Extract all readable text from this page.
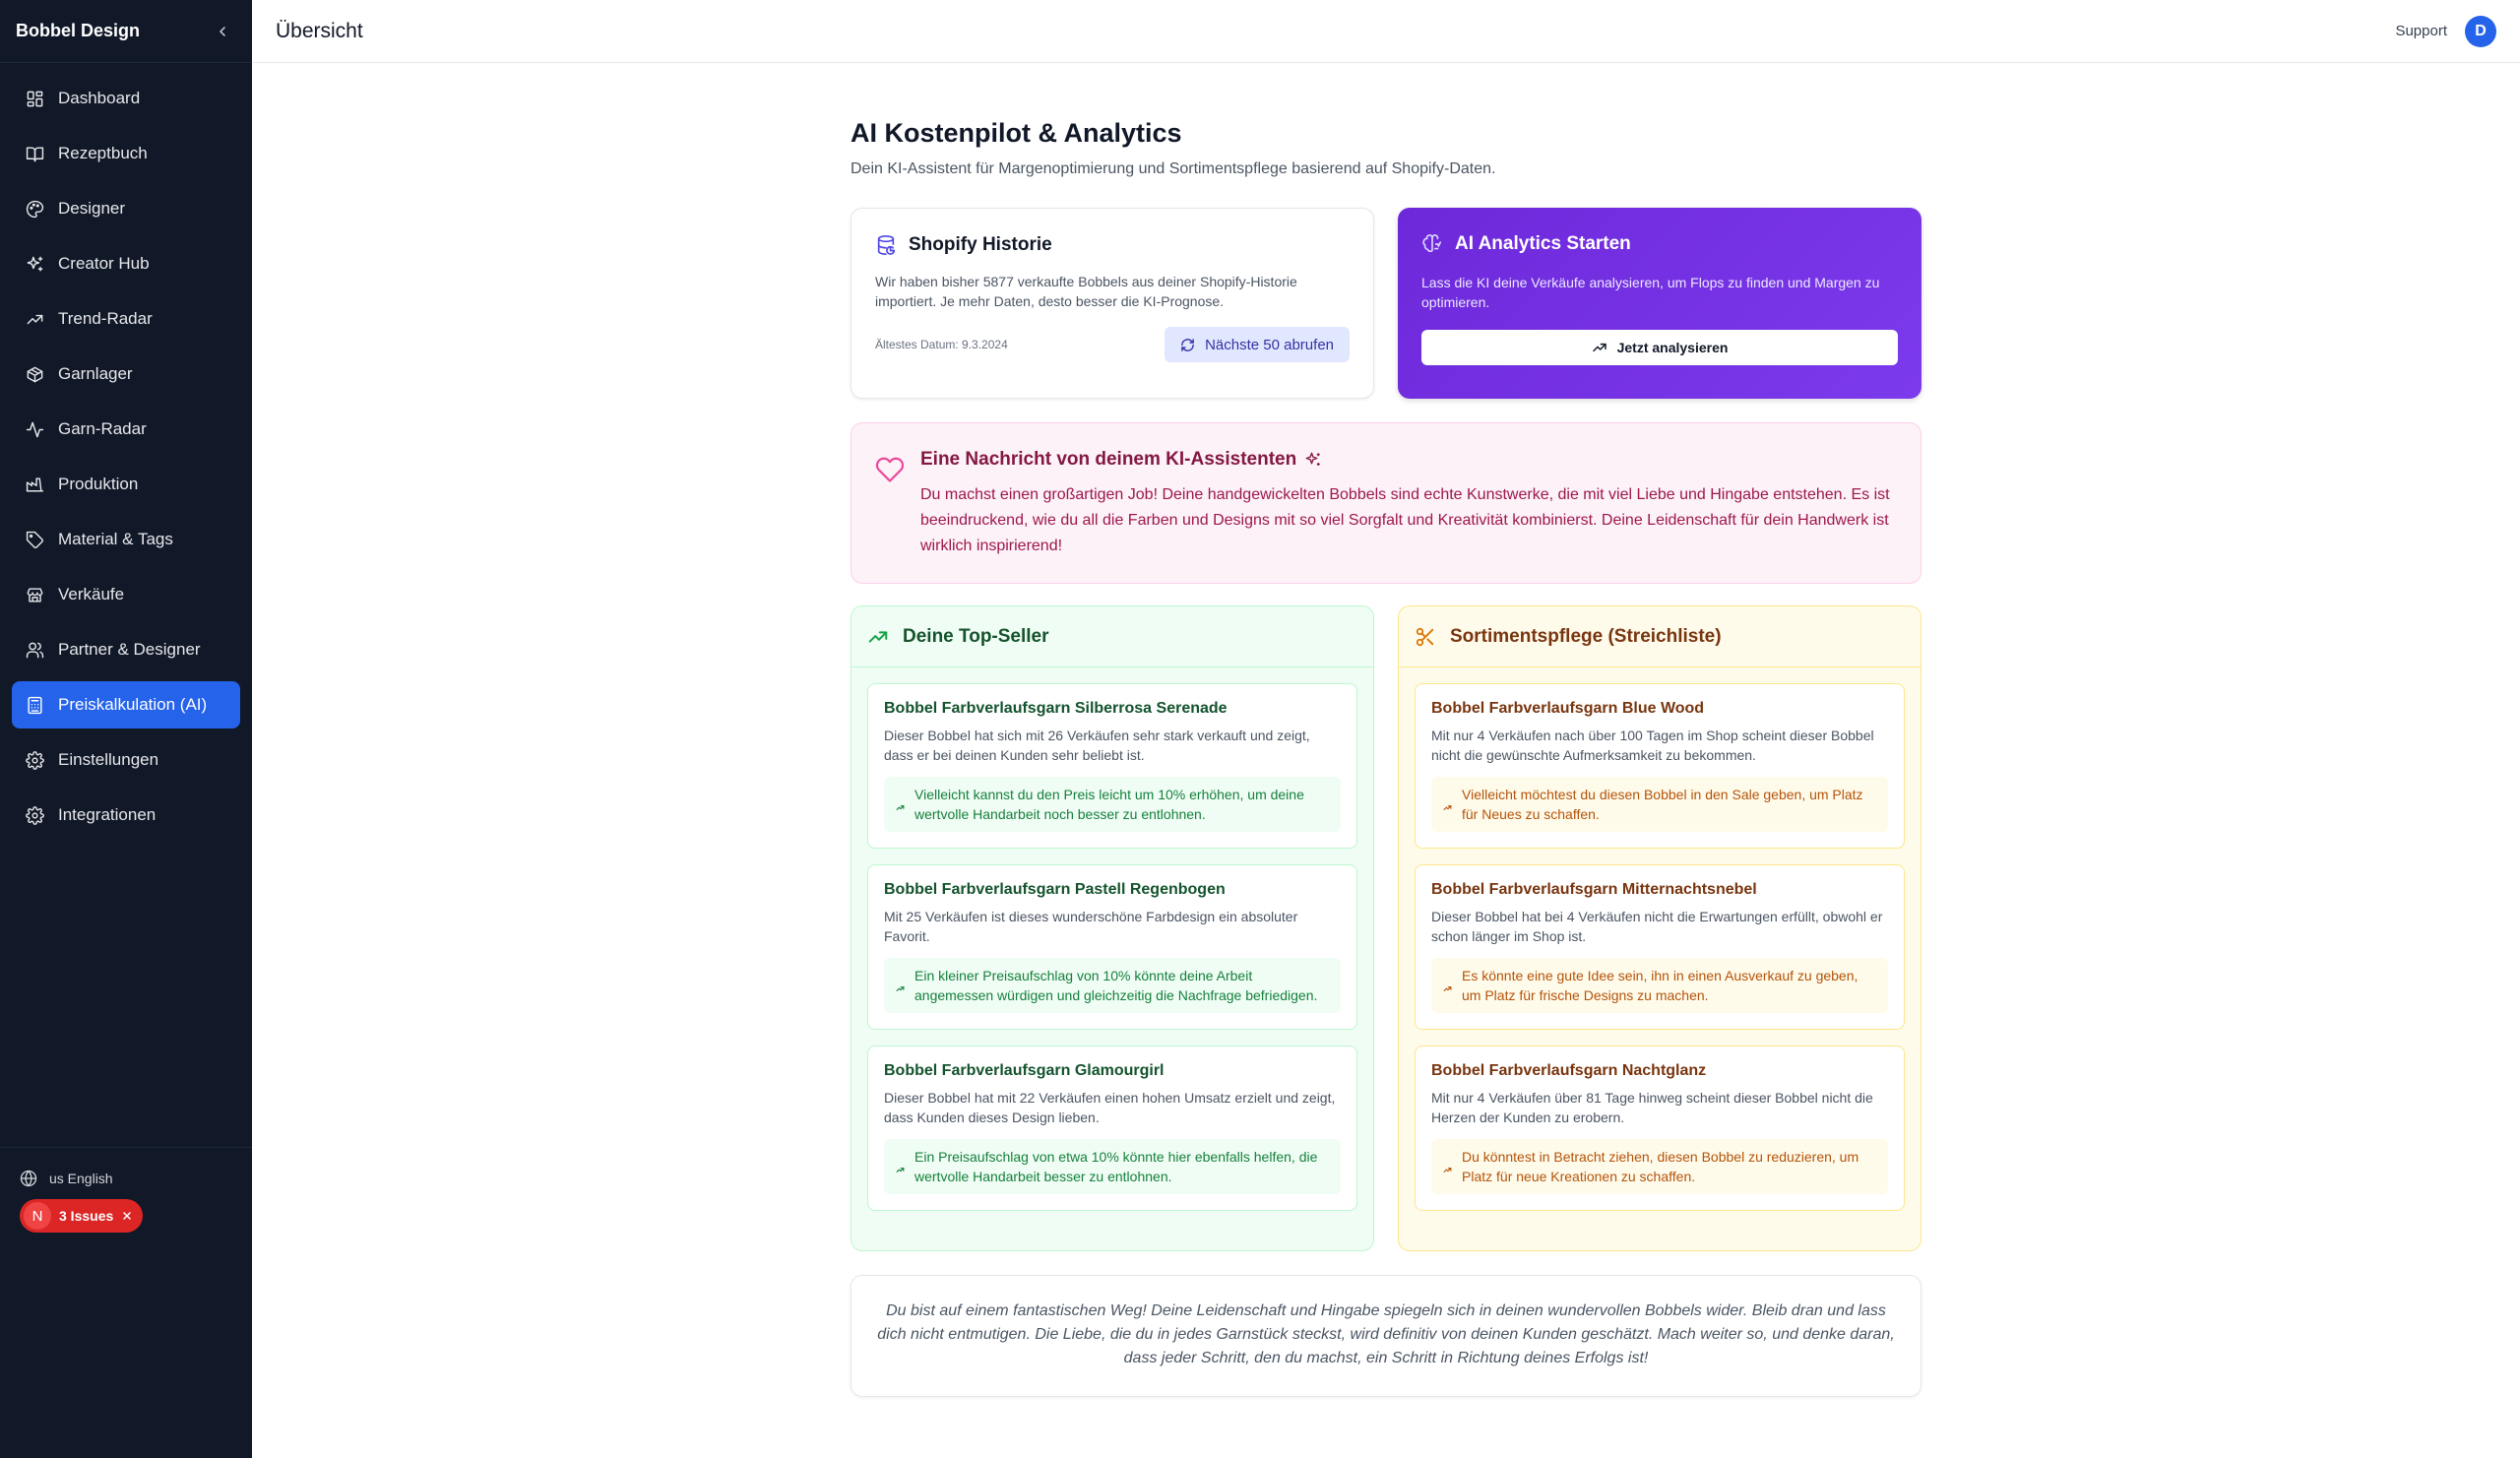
Bobbel Design
Dashboard
Rezeptbuch
Designer
Creator Hub
Trend-Radar
Garnlager
Garn-Radar
Produktion
Material & Tags
Verkäufe
Partner & Designer
Preiskalkulation (AI)
Einstellungen
Integrationen
us English
N	3 Issues
Übersicht	Support	D
AI Kostenpilot & Analytics

Dein KI-Assistent für Margenoptimierung und Sortimentspflege basierend auf Shopify-Daten.

Shopify Historie

Wir haben bisher 5877 verkaufte Bobbels aus deiner Shopify-Historie importiert. Je mehr Daten, desto besser die KI-Prognose.

Ältestes Datum: 9.3.2024	Nächste 50 abrufen
AI Analytics Starten

Lass die KI deine Verkäufe analysieren, um Flops zu finden und Margen zu optimieren.

Jetzt analysieren
Eine Nachricht von deinem KI-Assistenten

Du machst einen großartigen Job! Deine handgewickelten Bobbels sind echte Kunstwerke, die mit viel Liebe und Hingabe entstehen. Es ist beeindruckend, wie du all die Farben und Designs mit so viel Sorgfalt und Kreativität kombinierst. Deine Leidenschaft für dein Handwerk ist wirklich inspirierend!

Deine Top-Seller
Bobbel Farbverlaufsgarn Silberrosa Serenade
Dieser Bobbel hat sich mit 26 Verkäufen sehr stark verkauft und zeigt, dass er bei deinen Kunden sehr beliebt ist.
Vielleicht kannst du den Preis leicht um 10% erhöhen, um deine wertvolle Handarbeit noch besser zu entlohnen.
Bobbel Farbverlaufsgarn Pastell Regenbogen
Mit 25 Verkäufen ist dieses wunderschöne Farbdesign ein absoluter Favorit.
Ein kleiner Preisaufschlag von 10% könnte deine Arbeit angemessen würdigen und gleichzeitig die Nachfrage befriedigen.
Bobbel Farbverlaufsgarn Glamourgirl
Dieser Bobbel hat mit 22 Verkäufen einen hohen Umsatz erzielt und zeigt, dass Kunden dieses Design lieben.
Ein Preisaufschlag von etwa 10% könnte hier ebenfalls helfen, die wertvolle Handarbeit besser zu entlohnen.
Sortimentspflege (Streichliste)
Bobbel Farbverlaufsgarn Blue Wood
Mit nur 4 Verkäufen nach über 100 Tagen im Shop scheint dieser Bobbel nicht die gewünschte Aufmerksamkeit zu bekommen.
Vielleicht möchtest du diesen Bobbel in den Sale geben, um Platz für Neues zu schaffen.
Bobbel Farbverlaufsgarn Mitternachtsnebel
Dieser Bobbel hat bei 4 Verkäufen nicht die Erwartungen erfüllt, obwohl er schon länger im Shop ist.
Es könnte eine gute Idee sein, ihn in einen Ausverkauf zu geben, um Platz für frische Designs zu machen.
Bobbel Farbverlaufsgarn Nachtglanz
Mit nur 4 Verkäufen über 81 Tage hinweg scheint dieser Bobbel nicht die Herzen der Kunden zu erobern.
Du könntest in Betracht ziehen, diesen Bobbel zu reduzieren, um Platz für neue Kreationen zu schaffen.

Du bist auf einem fantastischen Weg! Deine Leidenschaft und Hingabe spiegeln sich in deinen wundervollen Bobbels wider. Bleib dran und lass dich nicht entmutigen. Die Liebe, die du in jedes Garnstück steckst, wird definitiv von deinen Kunden geschätzt. Mach weiter so, und denke daran, dass jeder Schritt, den du machst, ein Schritt in Richtung deines Erfolgs ist!
